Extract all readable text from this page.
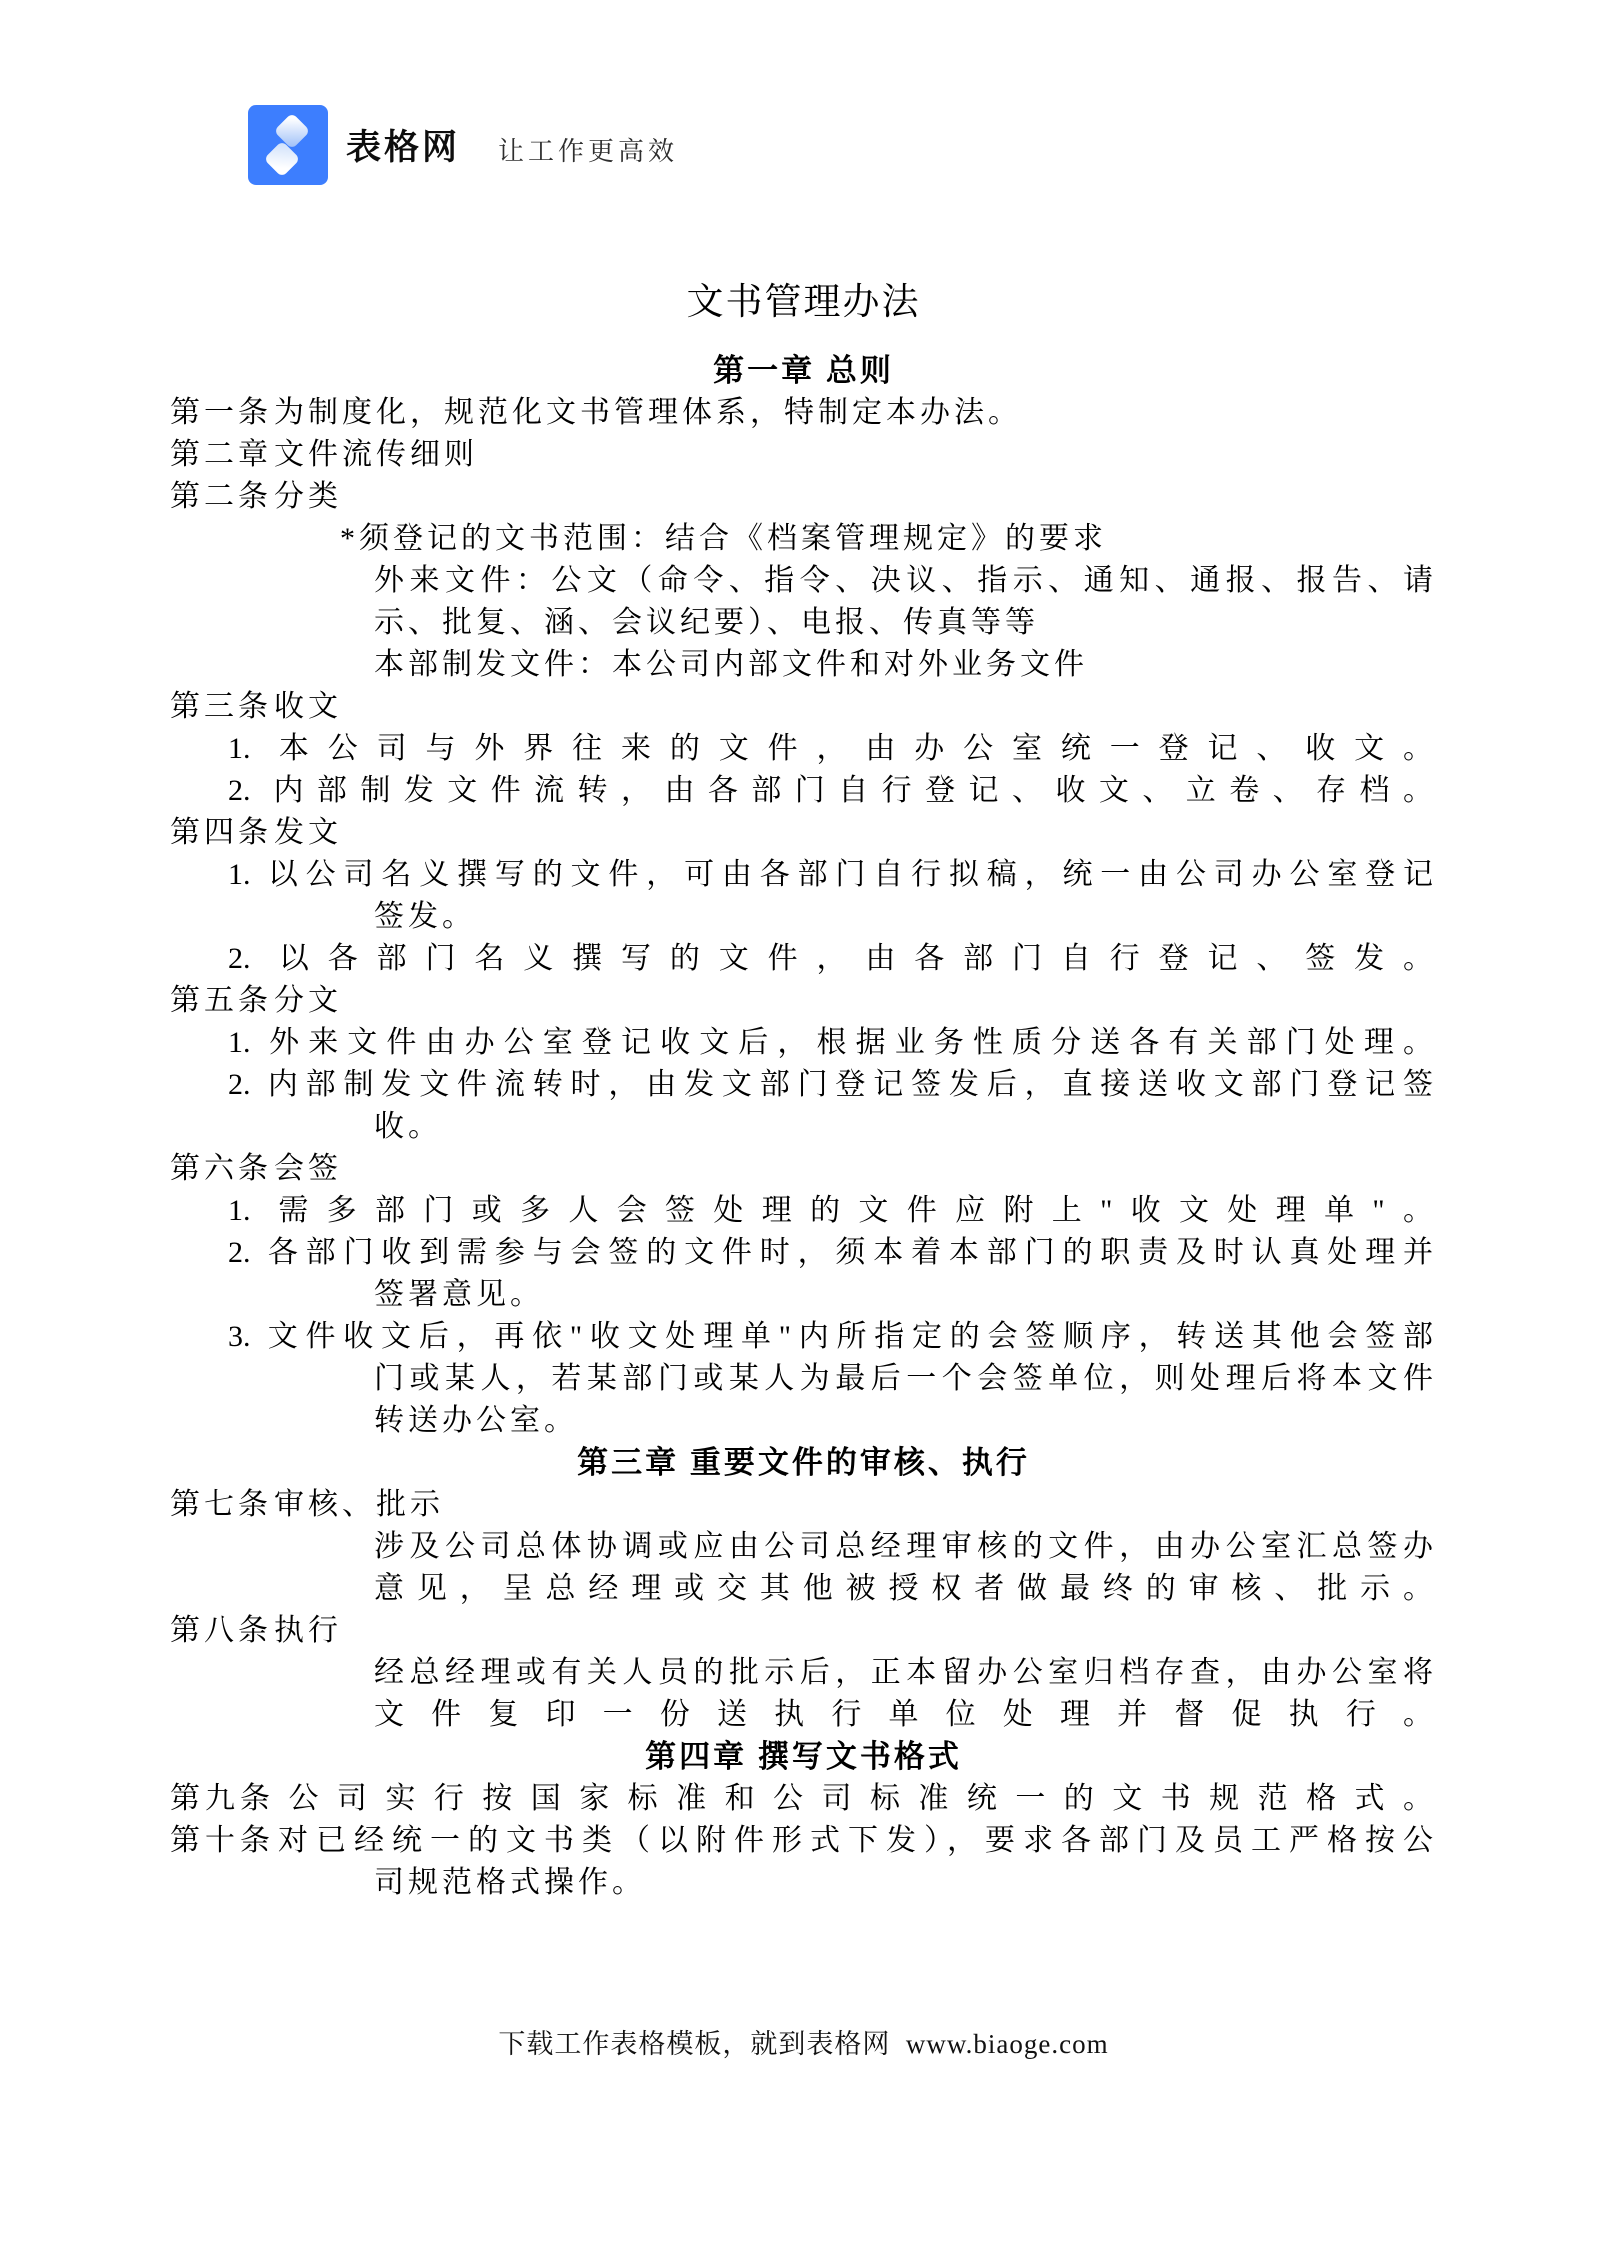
表格网 让工作更高效
文书管理办法
第一章 总则
第一条为制度化，规范化文书管理体系，特制定本办法。
第二章文件流传细则
第二条分类
*须登记的文书范围：结合《档案管理规定》的要求
外来文件：公文（命令、指令、决议、指示、通知、通报、报告、请
示、批复、涵、会议纪要）、电报、传真等等
本部制发文件：本公司内部文件和对外业务文件
第三条收文
1. 本公司与外界往来的文件，由办公室统一登记、收文。
2. 内部制发文件流转，由各部门自行登记、收文、立卷、存档。
第四条发文
1. 以公司名义撰写的文件，可由各部门自行拟稿，统一由公司办公室登记
签发。
2. 以各部门名义撰写的文件，由各部门自行登记、签发。
第五条分文
1. 外来文件由办公室登记收文后，根据业务性质分送各有关部门处理。
2. 内部制发文件流转时，由发文部门登记签发后，直接送收文部门登记签
收。
第六条会签
1. 需多部门或多人会签处理的文件应附上"收文处理单"。
2. 各部门收到需参与会签的文件时，须本着本部门的职责及时认真处理并
签署意见。
3. 文件收文后，再依"收文处理单"内所指定的会签顺序，转送其他会签部
门或某人，若某部门或某人为最后一个会签单位，则处理后将本文件
转送办公室。
第三章 重要文件的审核、执行
第七条审核、批示
涉及公司总体协调或应由公司总经理审核的文件，由办公室汇总签办
意见，呈总经理或交其他被授权者做最终的审核、批示。
第八条执行
经总经理或有关人员的批示后，正本留办公室归档存查，由办公室将
文件复印一份送执行单位处理并督促执行。
第四章 撰写文书格式
第九条公司实行按国家标准和公司标准统一的文书规范格式。
第十条对已经统一的文书类（以附件形式下发），要求各部门及员工严格按公
司规范格式操作。
下载工作表格模板，就到表格网  www.biaoge.com
